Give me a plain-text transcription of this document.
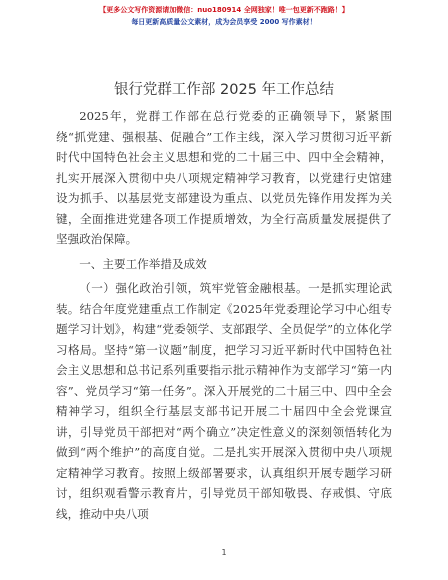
【更多公文写作资源请加微信：nuo180914 全网独家！唯一包更新不跑路！】
每日更新高质量公文素材，成为会员享受 2000 写作素材！
银行党群工作部 2025 年工作总结

2025年，党群工作部在总行党委的正确领导下，紧紧围绕“抓党建、强根基、促融合”工作主线，深入学习贯彻习近平新时代中国特色社会主义思想和党的二十届三中、四中全会精神，扎实开展深入贯彻中央八项规定精神学习教育，以党建行史馆建设为抓手、以基层党支部建设为重点、以党员先锋作用发挥为关键，全面推进党建各项工作提质增效，为全行高质量发展提供了坚强政治保障。

一、主要工作举措及成效

（一）强化政治引领，筑牢党管金融根基。一是抓实理论武装。结合年度党建重点工作制定《2025年党委理论学习中心组专题学习计划》，构建“党委领学、支部跟学、全员促学”的立体化学习格局。坚持“第一议题”制度，把学习习近平新时代中国特色社会主义思想和总书记系列重要指示批示精神作为支部学习“第一内容”、党员学习“第一任务”。深入开展党的二十届三中、四中全会精神学习，组织全行基层支部书记开展二十届四中全会党课宣讲，引导党员干部把对“两个确立”决定性意义的深刻领悟转化为做到“两个维护”的高度自觉。二是扎实开展深入贯彻中央八项规定精神学习教育。按照上级部署要求，认真组织开展专题学习研讨，组织观看警示教育片，引导党员干部知敬畏、存戒惧、守底线，推动中央八项

1
